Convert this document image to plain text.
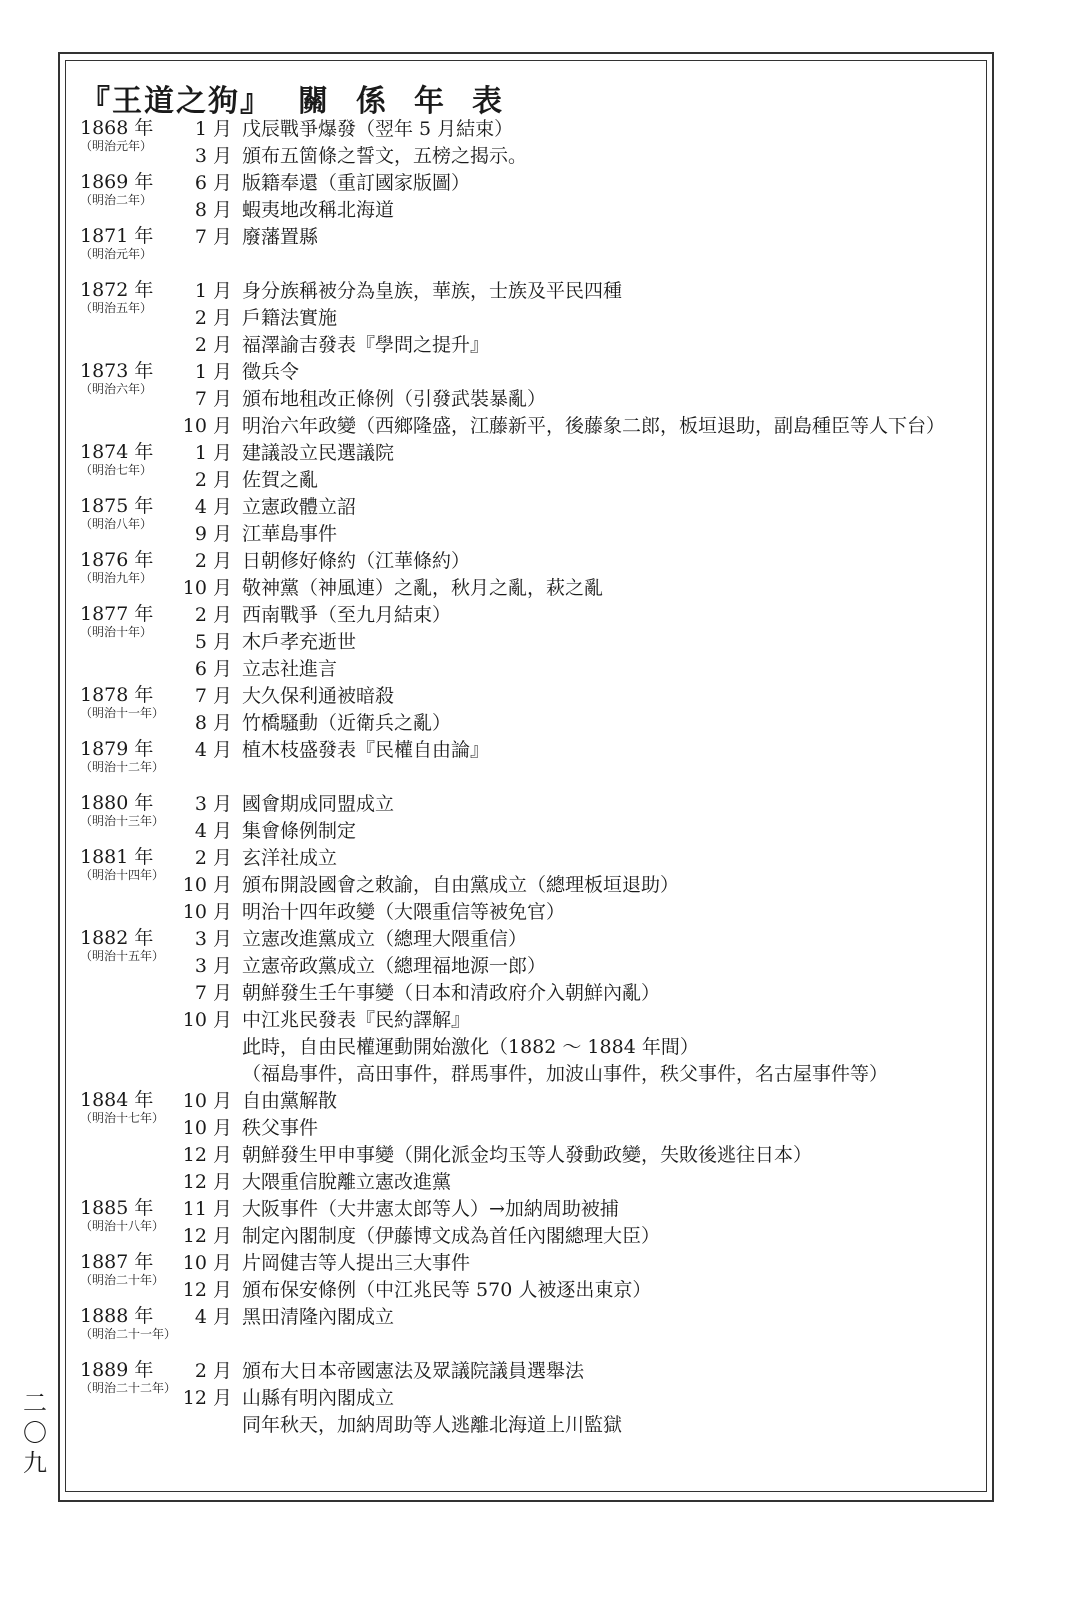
『王道之狗』 關 係 年 表
1868 年
（明治元年）
1 月 戊辰戰爭爆發（翌年 5 月結束）
3 月 頒布五箇條之誓文，五榜之揭示。
1869 年
（明治二年）
6 月 版籍奉還（重訂國家版圖）
8 月 蝦夷地改稱北海道
1871 年
（明治元年）
7 月 廢藩置縣
1872 年
（明治五年）
1 月 身分族稱被分為皇族，華族，士族及平民四種
2 月 戶籍法實施
2 月 福澤諭吉發表『學問之提升』
1873 年
（明治六年）
1 月 徵兵令
7 月 頒布地租改正條例（引發武裝暴亂）
10 月 明治六年政變（西鄉隆盛，江藤新平，後藤象二郎，板垣退助，副島種臣等人下台）
1874 年
（明治七年）
1 月 建議設立民選議院
2 月 佐賀之亂
1875 年
（明治八年）
4 月 立憲政體立詔
9 月 江華島事件
1876 年
（明治九年）
2 月 日朝修好條約（江華條約）
10 月 敬神黨（神風連）之亂，秋月之亂，萩之亂
1877 年
（明治十年）
2 月 西南戰爭（至九月結束）
5 月 木戶孝充逝世
6 月 立志社進言
1878 年
（明治十一年）
7 月 大久保利通被暗殺
8 月 竹橋騷動（近衛兵之亂）
1879 年
（明治十二年）
4 月 植木枝盛發表『民權自由論』
1880 年
（明治十三年）
3 月 國會期成同盟成立
4 月 集會條例制定
1881 年
（明治十四年）
2 月 玄洋社成立
10 月 頒布開設國會之敕諭，自由黨成立（總理板垣退助）
10 月 明治十四年政變（大隈重信等被免官）
1882 年
（明治十五年）
3 月 立憲改進黨成立（總理大隈重信）
3 月 立憲帝政黨成立（總理福地源一郎）
7 月 朝鮮發生壬午事變（日本和清政府介入朝鮮內亂）
10 月 中江兆民發表『民約譯解』
此時，自由民權運動開始激化（1882 ～ 1884 年間）
（福島事件，高田事件，群馬事件，加波山事件，秩父事件，名古屋事件等）
1884 年
（明治十七年）
10 月 自由黨解散
10 月 秩父事件
12 月 朝鮮發生甲申事變（開化派金均玉等人發動政變，失敗後逃往日本）
12 月 大隈重信脫離立憲改進黨
1885 年
（明治十八年）
11 月 大阪事件（大井憲太郎等人）→加納周助被捕
12 月 制定內閣制度（伊藤博文成為首任內閣總理大臣）
1887 年
（明治二十年）
10 月 片岡健吉等人提出三大事件
12 月 頒布保安條例（中江兆民等 570 人被逐出東京）
1888 年
（明治二十一年）
4 月 黑田清隆內閣成立
1889 年
（明治二十二年）
2 月 頒布大日本帝國憲法及眾議院議員選舉法
12 月 山縣有明內閣成立
同年秋天，加納周助等人逃離北海道上川監獄
二
〇
九
